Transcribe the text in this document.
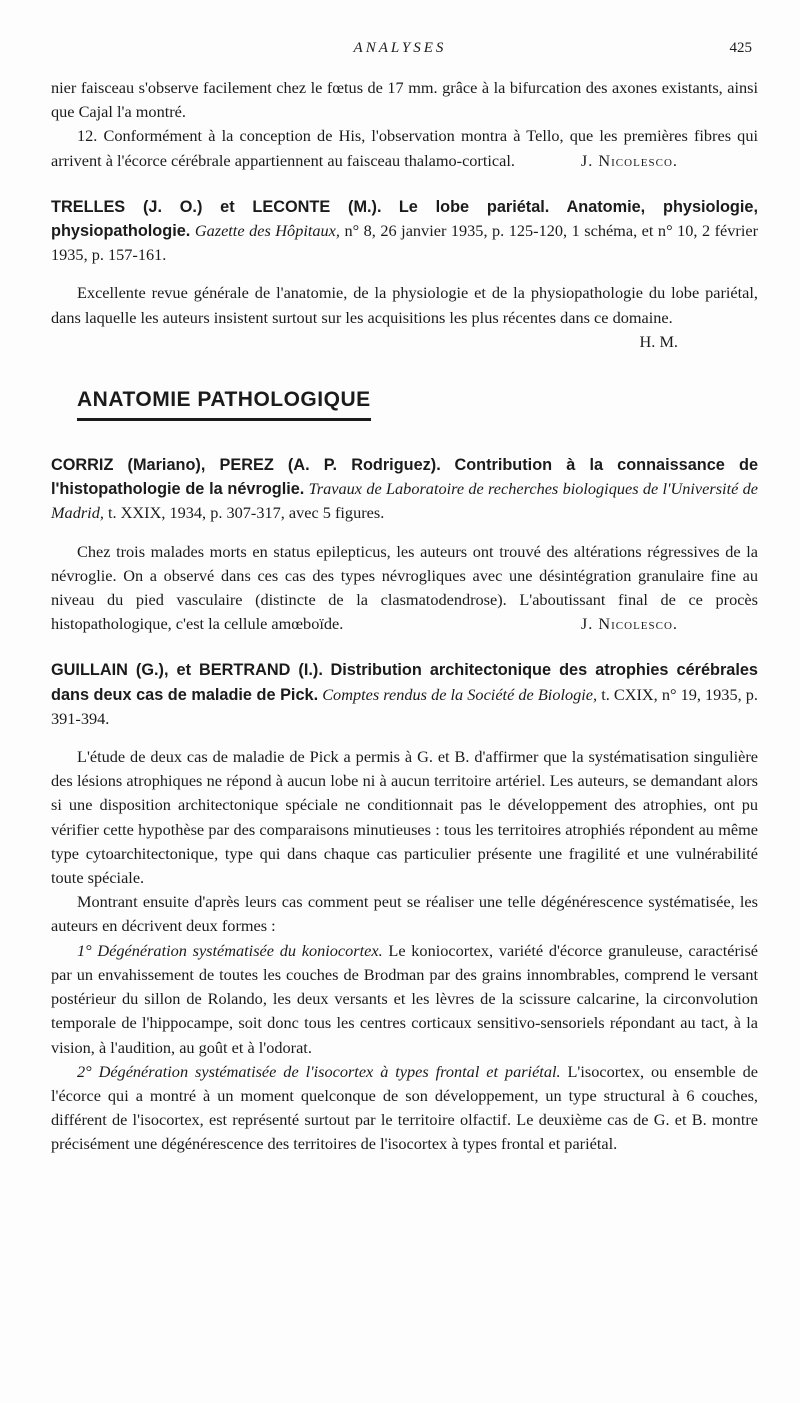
ANALYSES	425

nier faisceau s'observe facilement chez le fœtus de 17 mm. grâce à la bifurcation des axones existants, ainsi que Cajal l'a montré.

12. Conformément à la conception de His, l'observation montra à Tello, que les premières fibres qui arrivent à l'écorce cérébrale appartiennent au faisceau thalamo-cortical.	J. Nicolesco.

TRELLES (J. O.) et LECONTE (M.). Le lobe pariétal. Anatomie, physiologie, physiopathologie. Gazette des Hôpitaux, n° 8, 26 janvier 1935, p. 125-120, 1 schéma, et n° 10, 2 février 1935, p. 157-161.

Excellente revue générale de l'anatomie, de la physiologie et de la physiopathologie du lobe pariétal, dans laquelle les auteurs insistent surtout sur les acquisitions les plus récentes dans ce domaine.
H. M.

ANATOMIE PATHOLOGIQUE

CORRIZ (Mariano), PEREZ (A. P. Rodriguez). Contribution à la connaissance de l'histopathologie de la névroglie. Travaux de Laboratoire de recherches biologiques de l'Université de Madrid, t. XXIX, 1934, p. 307-317, avec 5 figures.

Chez trois malades morts en status epilepticus, les auteurs ont trouvé des altérations régressives de la névroglie. On a observé dans ces cas des types névrogliques avec une désintégration granulaire fine au niveau du pied vasculaire (distincte de la clasmatodendrose). L'aboutissant final de ce procès histopathologique, c'est la cellule amœboïde.	J. Nicolesco.

GUILLAIN (G.), et BERTRAND (I.). Distribution architectonique des atrophies cérébrales dans deux cas de maladie de Pick. Comptes rendus de la Société de Biologie, t. CXIX, n° 19, 1935, p. 391-394.

L'étude de deux cas de maladie de Pick a permis à G. et B. d'affirmer que la systématisation singulière des lésions atrophiques ne répond à aucun lobe ni à aucun territoire artériel. Les auteurs, se demandant alors si une disposition architectonique spéciale ne conditionnait pas le développement des atrophies, ont pu vérifier cette hypothèse par des comparaisons minutieuses : tous les territoires atrophiés répondent au même type cytoarchitectonique, type qui dans chaque cas particulier présente une fragilité et une vulnérabilité toute spéciale.

Montrant ensuite d'après leurs cas comment peut se réaliser une telle dégénérescence systématisée, les auteurs en décrivent deux formes :

1° Dégénération systématisée du koniocortex. Le koniocortex, variété d'écorce granuleuse, caractérisé par un envahissement de toutes les couches de Brodman par des grains innombrables, comprend le versant postérieur du sillon de Rolando, les deux versants et les lèvres de la scissure calcarine, la circonvolution temporale de l'hippocampe, soit donc tous les centres corticaux sensitivo-sensoriels répondant au tact, à la vision, à l'audition, au goût et à l'odorat.

2° Dégénération systématisée de l'isocortex à types frontal et pariétal. L'isocortex, ou ensemble de l'écorce qui a montré à un moment quelconque de son développement, un type structural à 6 couches, différent de l'isocortex, est représenté surtout par le territoire olfactif. Le deuxième cas de G. et B. montre précisément une dégénérescence des territoires de l'isocortex à types frontal et pariétal.
